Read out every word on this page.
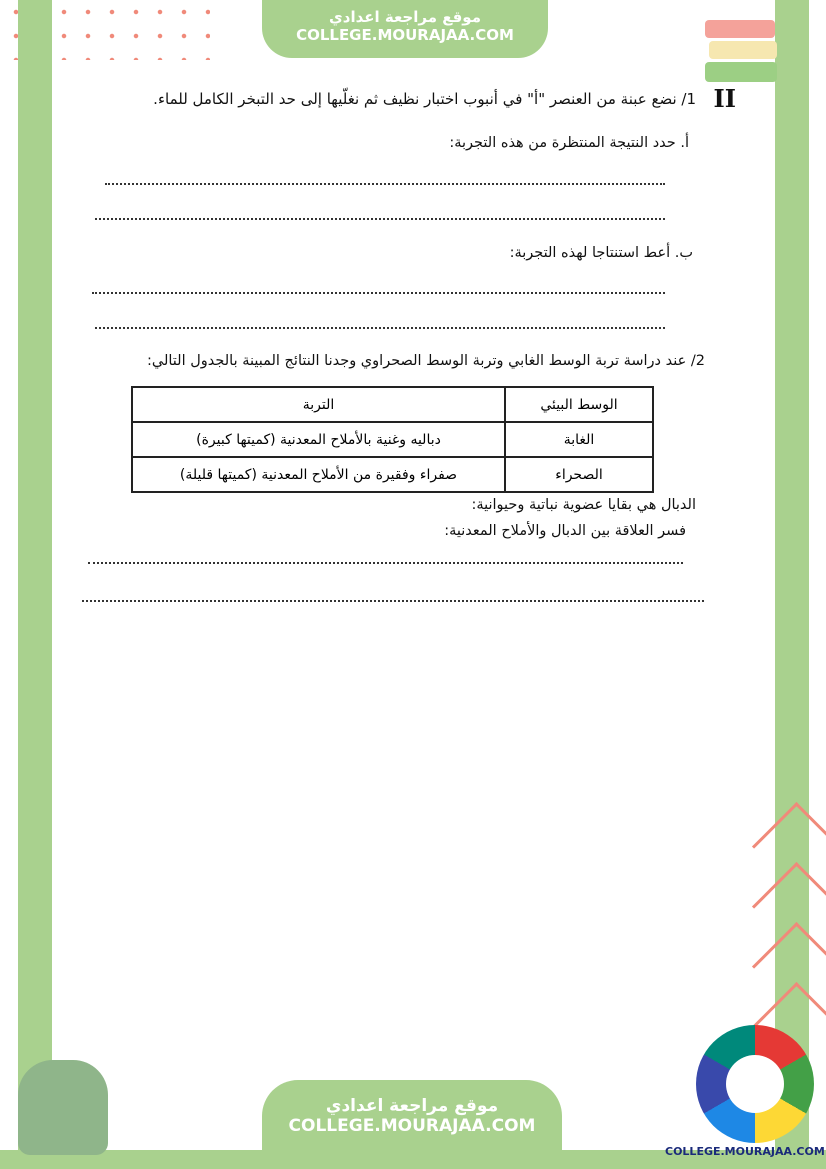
موقع مراجعة اعدادي
COLLEGE.MOURAJAA.COM
1/ نضع عبنة من العنصر "أ" في أنبوب اختبار نظيف ثم نغلّيها إلى حد التبخر الكامل للماء. II
أ. حدد النتيجة المنتظرة من هذه التجربة:
ب. أعط استنتاجا لهذه التجربة:
2/ عند دراسة تربة الوسط الغابي وتربة الوسط الصحراوي وجدنا النتائج المبينة بالجدول التالي:
الوسط البيئي	التربة
الغابة	دباليه وغنية بالأملاح المعدنية (كميتها كبيرة)
الصحراء	صفراء وفقيرة من الأملاح المعدنية (كميتها قليلة)
الدبال هي بقايا عضوية نباتية وحيوانية:
فسر العلاقة بين الدبال والأملاح المعدنية:
موقع مراجعة اعدادي
COLLEGE.MOURAJAA.COM
COLLEGE.MOURAJAA.COM
